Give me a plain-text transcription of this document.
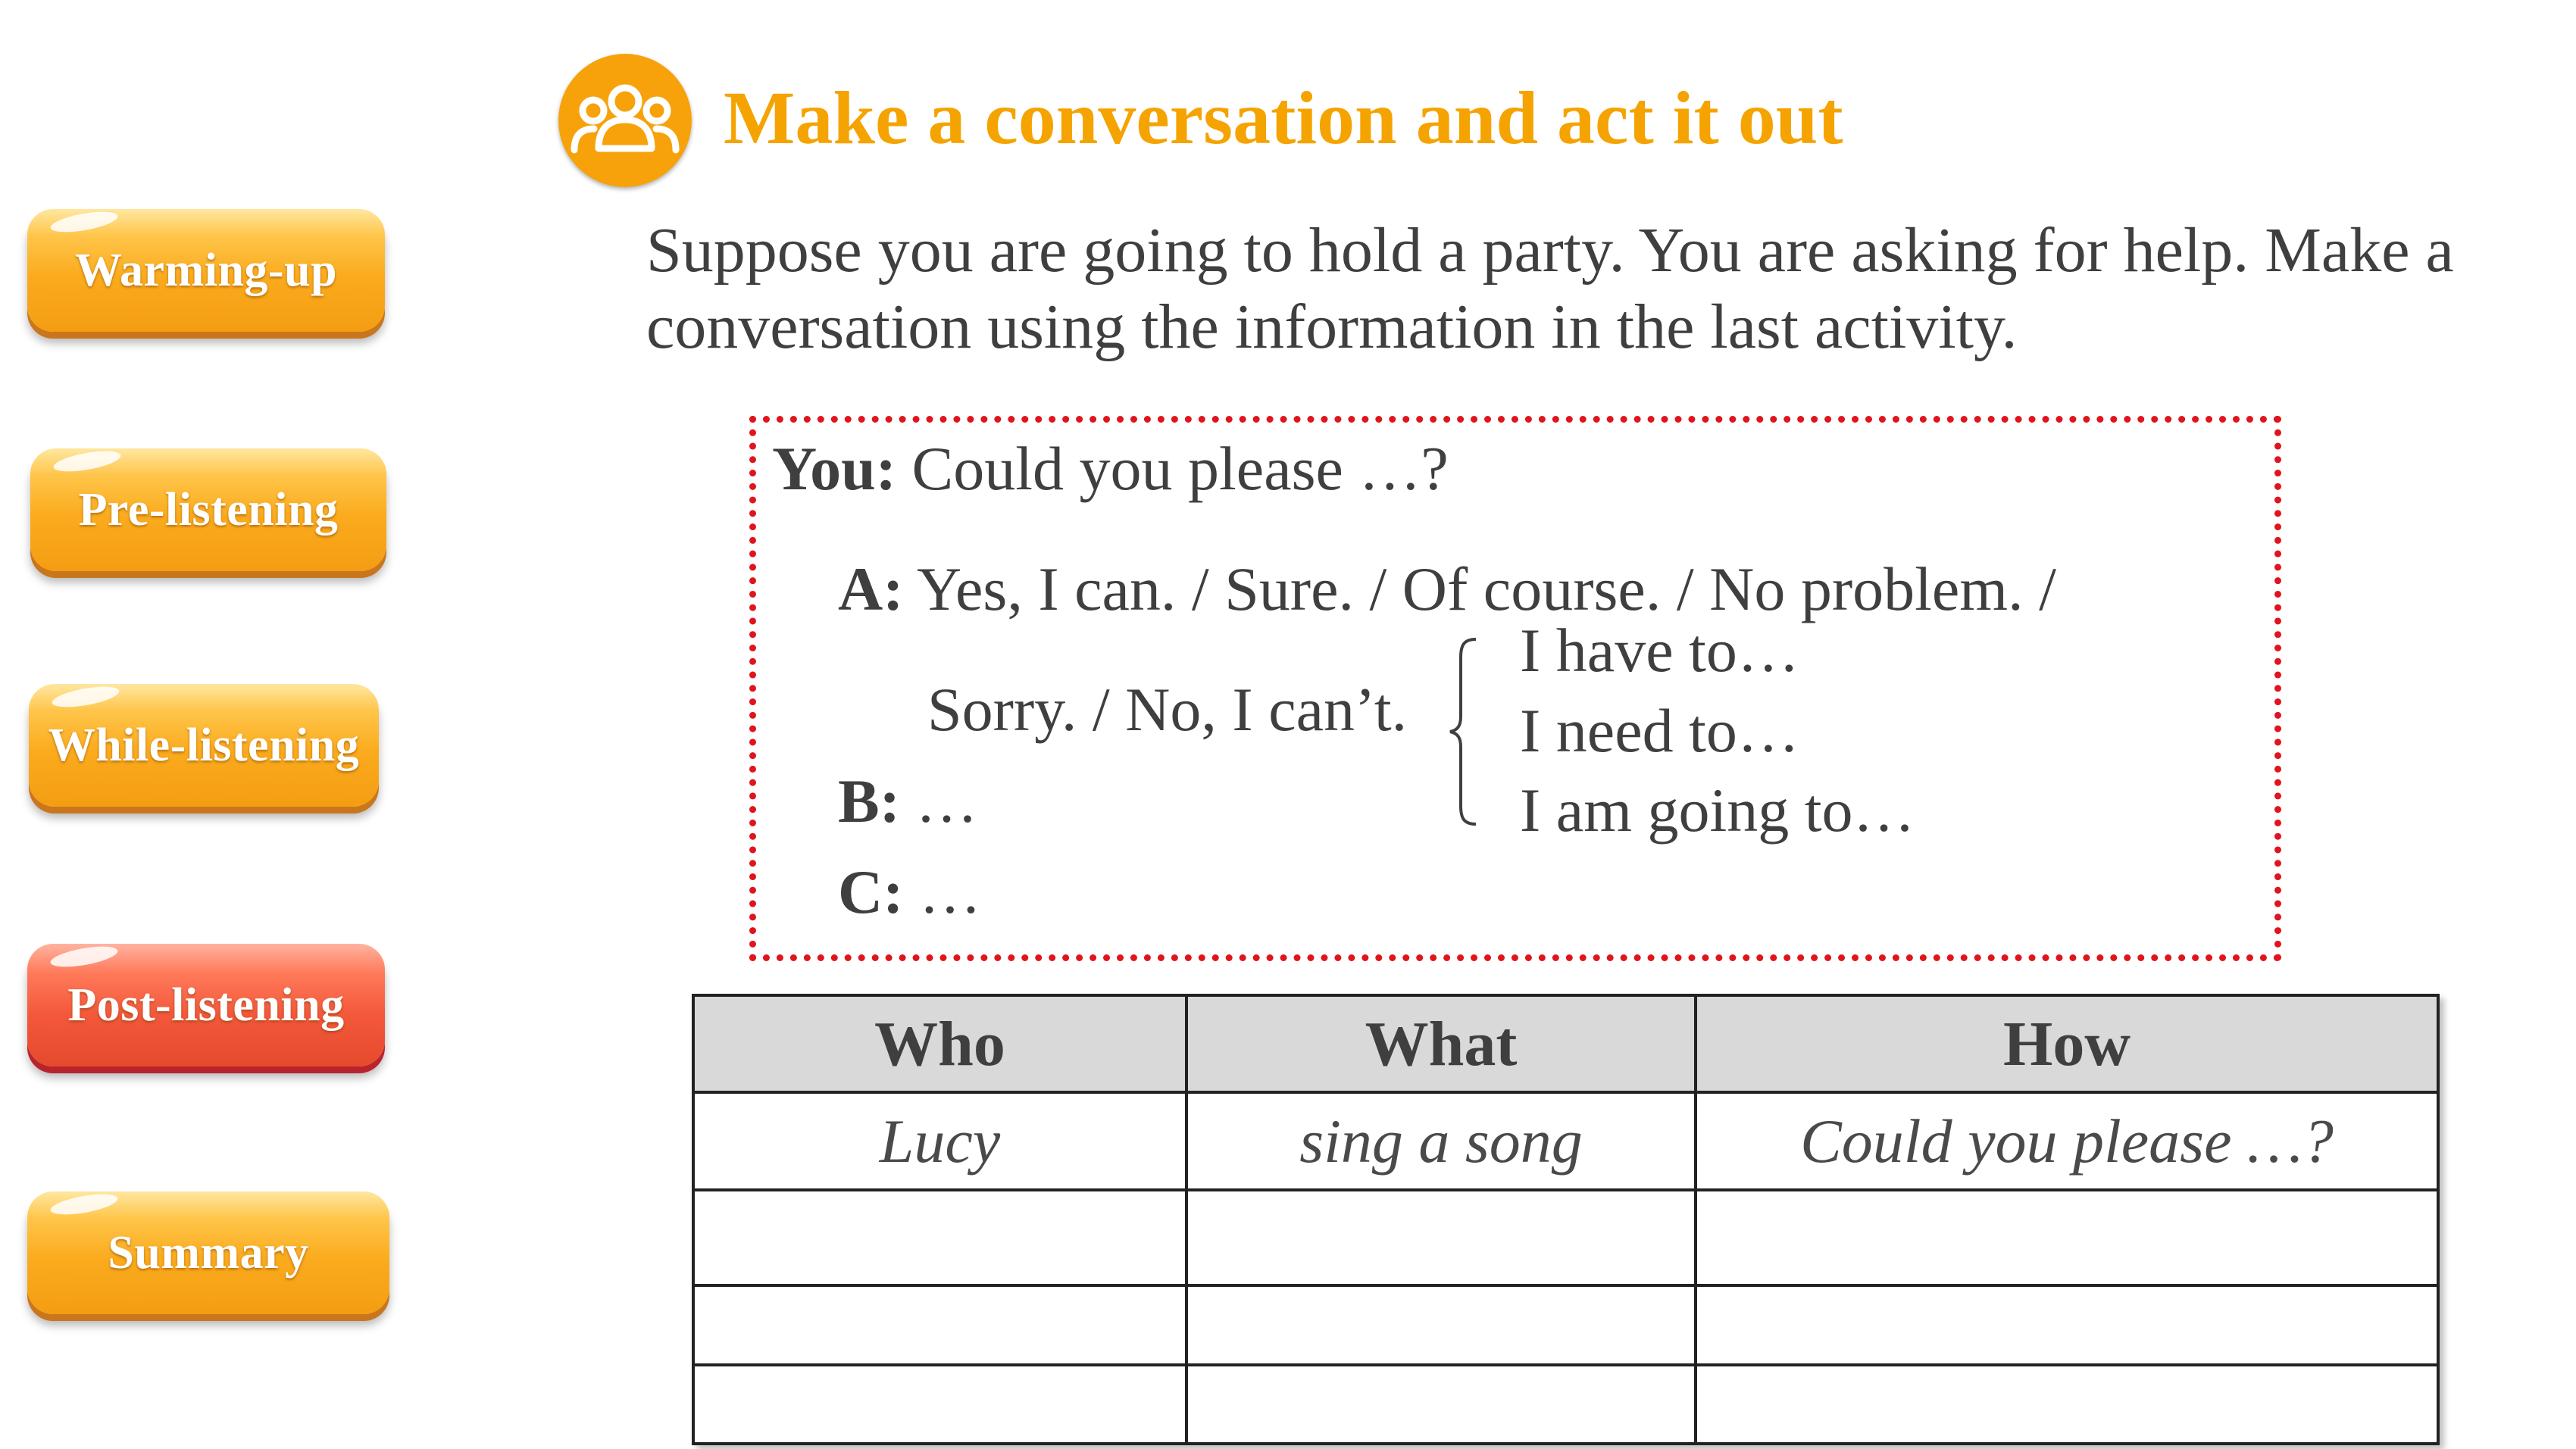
Warming-up
Pre-listening
While-listening
Post-listening
Summary
Make a conversation and act it out

Suppose you are going to hold a party. You are asking for help. Make a conversation using the information in the last activity.

You: Could you please …?
A: Yes, I can. / Sure. / Of course. / No problem. /
Sorry. / No, I can’t.
I have to…
I need to…
I am going to…
B: …
C: …
Who	What	How
Lucy	sing a song	Could you please …?
